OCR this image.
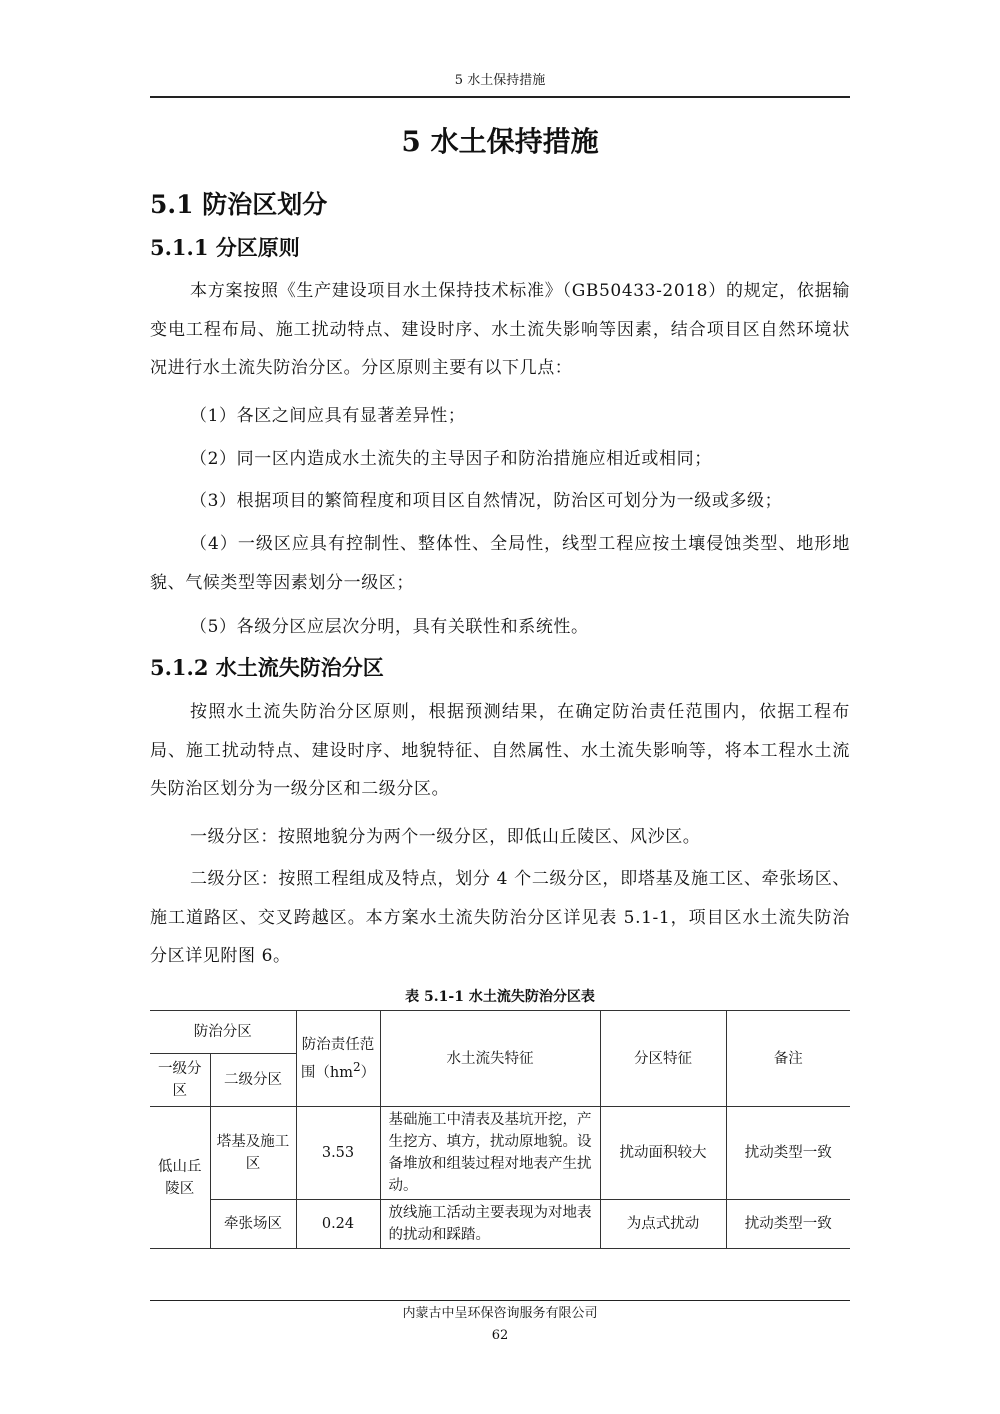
5 水土保持措施
5 水土保持措施
5.1 防治区划分
5.1.1 分区原则

本方案按照《生产建设项目水土保持技术标准》（GB50433-2018）的规定，依据输变电工程布局、施工扰动特点、建设时序、水土流失影响等因素，结合项目区自然环境状况进行水土流失防治分区。分区原则主要有以下几点：

（1）各区之间应具有显著差异性；

（2）同一区内造成水土流失的主导因子和防治措施应相近或相同；

（3）根据项目的繁简程度和项目区自然情况，防治区可划分为一级或多级；

（4）一级区应具有控制性、整体性、全局性，线型工程应按土壤侵蚀类型、地形地貌、气候类型等因素划分一级区；

（5）各级分区应层次分明，具有关联性和系统性。

5.1.2 水土流失防治分区

按照水土流失防治分区原则，根据预测结果，在确定防治责任范围内，依据工程布局、施工扰动特点、建设时序、地貌特征、自然属性、水土流失影响等，将本工程水土流失防治区划分为一级分区和二级分区。

一级分区：按照地貌分为两个一级分区，即低山丘陵区、风沙区。

二级分区：按照工程组成及特点，划分 4 个二级分区，即塔基及施工区、牵张场区、施工道路区、交叉跨越区。本方案水土流失防治分区详见表 5.1-1，项目区水土流失防治分区详见附图 6。

表 5.1-1 水土流失防治分区表
防治分区		防治责任范围$(hm^2)$	水土流失特征	分区特征	备注
一级分区	二级分区				
低山丘陵区	塔基及施工区	3.53	基础施工中清表及基坑开挖，产生挖方、填方，扰动原地貌。设备堆放和组装过程对地表产生扰动。	扰动面积较大	扰动类型一致
	牵张场区	0.24	放线施工活动主要表现为对地表的扰动和踩踏。	为点式扰动	扰动类型一致
内蒙古中呈环保咨询服务有限公司
62
